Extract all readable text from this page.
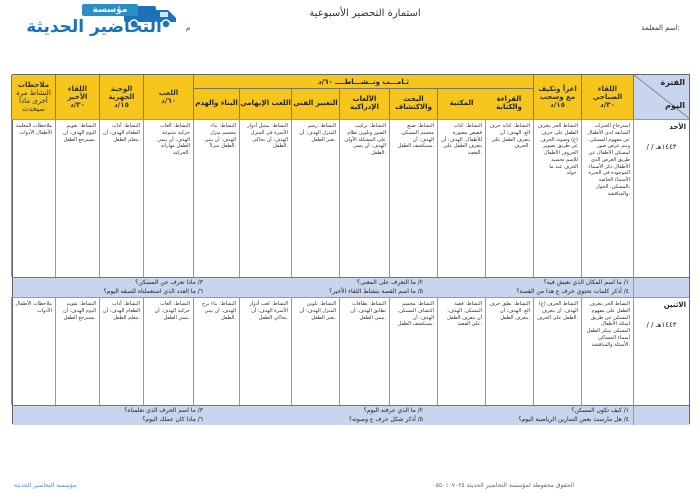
مؤسسة
التحاضير الحديثة
استمارة التحضير الأسبوعية
م	اسم المعلمة:
الفترة
اليوم
اللقاء الصباحي
٣٠/د
اعرأ وتكيف
مع وسحب
١٥/د
ثـامـــب ونــشـــاطــــ ٦٠/د
القراءة والكتابة
المكتبة
البحث والاكتشاف
الألعاب الإدراكية
التعبير الفني
اللعب الإيهامي
البناء والهدم
اللعب
٦٠/د
الوجبة
الجهرية
١٥/د
اللقاء
الأخير
٣٠/د
ملاحظات
النشاط مرة أخرى ماذا سيحدث
الأحد
/ / ١٤٤٣هـ
استرجاع الخبرات السابقة لدى الأطفال عن مفهوم المسكن . ويتم عرض صور لمسكن الأطفال عن طريق العرض الذي الأطفال ذكر الأسماء الموجودة في الخبرة الأسماء الخاصة بالمسكن، الحوار والمناقشة.
النشاط الحر يتعرف الطفل على حرف (ع) وصوته الحرف عن طريق تصوير الحروف الأطفال للإسم تجسيد الحرف عند ما حوله.
النشاط: كتابة حرف الع. الهدف: أن يتعرف الطفل على الحرف.
النشاط: كتاب قصص مصورة للأطفال. الهدف: أن يتعرف الطفل على القصة.
النشاط: صنع مجسم المسكن. الهدف: أن يستكشف الطفل.
النشاط: تركيب الصور وتلوين نظام على المشكلة الأولى الهدف: أن ينمي الطفل.
النشاط: رسم المنزل الهدف: أن يعبر الطفل.
النشاط: تمثيل أدوار الأسرة في المنزل الهدف: أن يحاكي الطفل.
النشاط: بناء مجسم منزل الهدف: أن يبني الطفل منزلاً.
النشاط: ألعاب حركية متنوعة الهدف: أن ينمي الطفل مهاراته الحركية.
النشاط: آداب الطعام الهدف: أن يتعلم الطفل.
النشاط: تقويم اليوم الهدف: أن يسترجع الطفل.
ملاحظات المعلمة الأطفال الأدوات
١/ ما اسم المكان الذي نعيش فيه؟
٢/ ما التعرف على المعنى؟
٣/ ماذا تعرف عن المسكن؟
٤/ أذكر كلمات تحتوي حرف ع هذا من القصة؟
٥/ ما اسم القصة بنشاط اللقاء الأخير؟
٦/ ما العدد الذي استعملناه للصقه اليوم؟
الاثنين
/ / ١٤٤٣هـ
النشاط الحر يتعرف الطفل على مفهوم المسكن عن طريق اسئلة الأطفال المسكن بيتكر الطفل أسماء المساكن الأسئلة والمناقشة.
النشاط الحرف (ع) الهدف: أن يتعرف الطفل على الحرف.
النشاط: نطق حرف الع. الهدف: أن يتعرف الطفل.
النشاط: قصة المسكن. الهدف: أن يتعرف الطفل على القصة.
النشاط: مجسم اكتشاف المسكن. الهدف: أن يستكشف الطفل.
النشاط: بطاقات تطابق الهدف: أن ينمي الطفل.
النشاط: تلوين المنزل الهدف: أن يعبر الطفل.
النشاط: لعب أدوار الأسرة الهدف: أن يحاكي الطفل.
النشاط: بناء برج الهدف: أن يبني الطفل.
النشاط: ألعاب حركية الهدف: أن ينمي الطفل.
النشاط: آداب الطعام الهدف: أن يتعلم الطفل.
النشاط: تقويم اليوم الهدف: أن يسترجع الطفل.
ملاحظات الأطفال الأدوات
١/ كيف تكون المسكن؟
٢/ ما الذي عرفته اليوم؟
٣/ ما اسم الحرف الذي تعلمناه؟
٤/ هل مارست بعض التمارين الرياضية اليوم؟
٥/ أذكر شكل حرف ع وصوته؟
٦/ ماذا كان عملك اليوم؟
مؤسسة التحاضير الحديثة	الحقوق محفوظة لمؤسسة التحاضير الحديثة ٠٥٥٠١٠٧٠٢٥
